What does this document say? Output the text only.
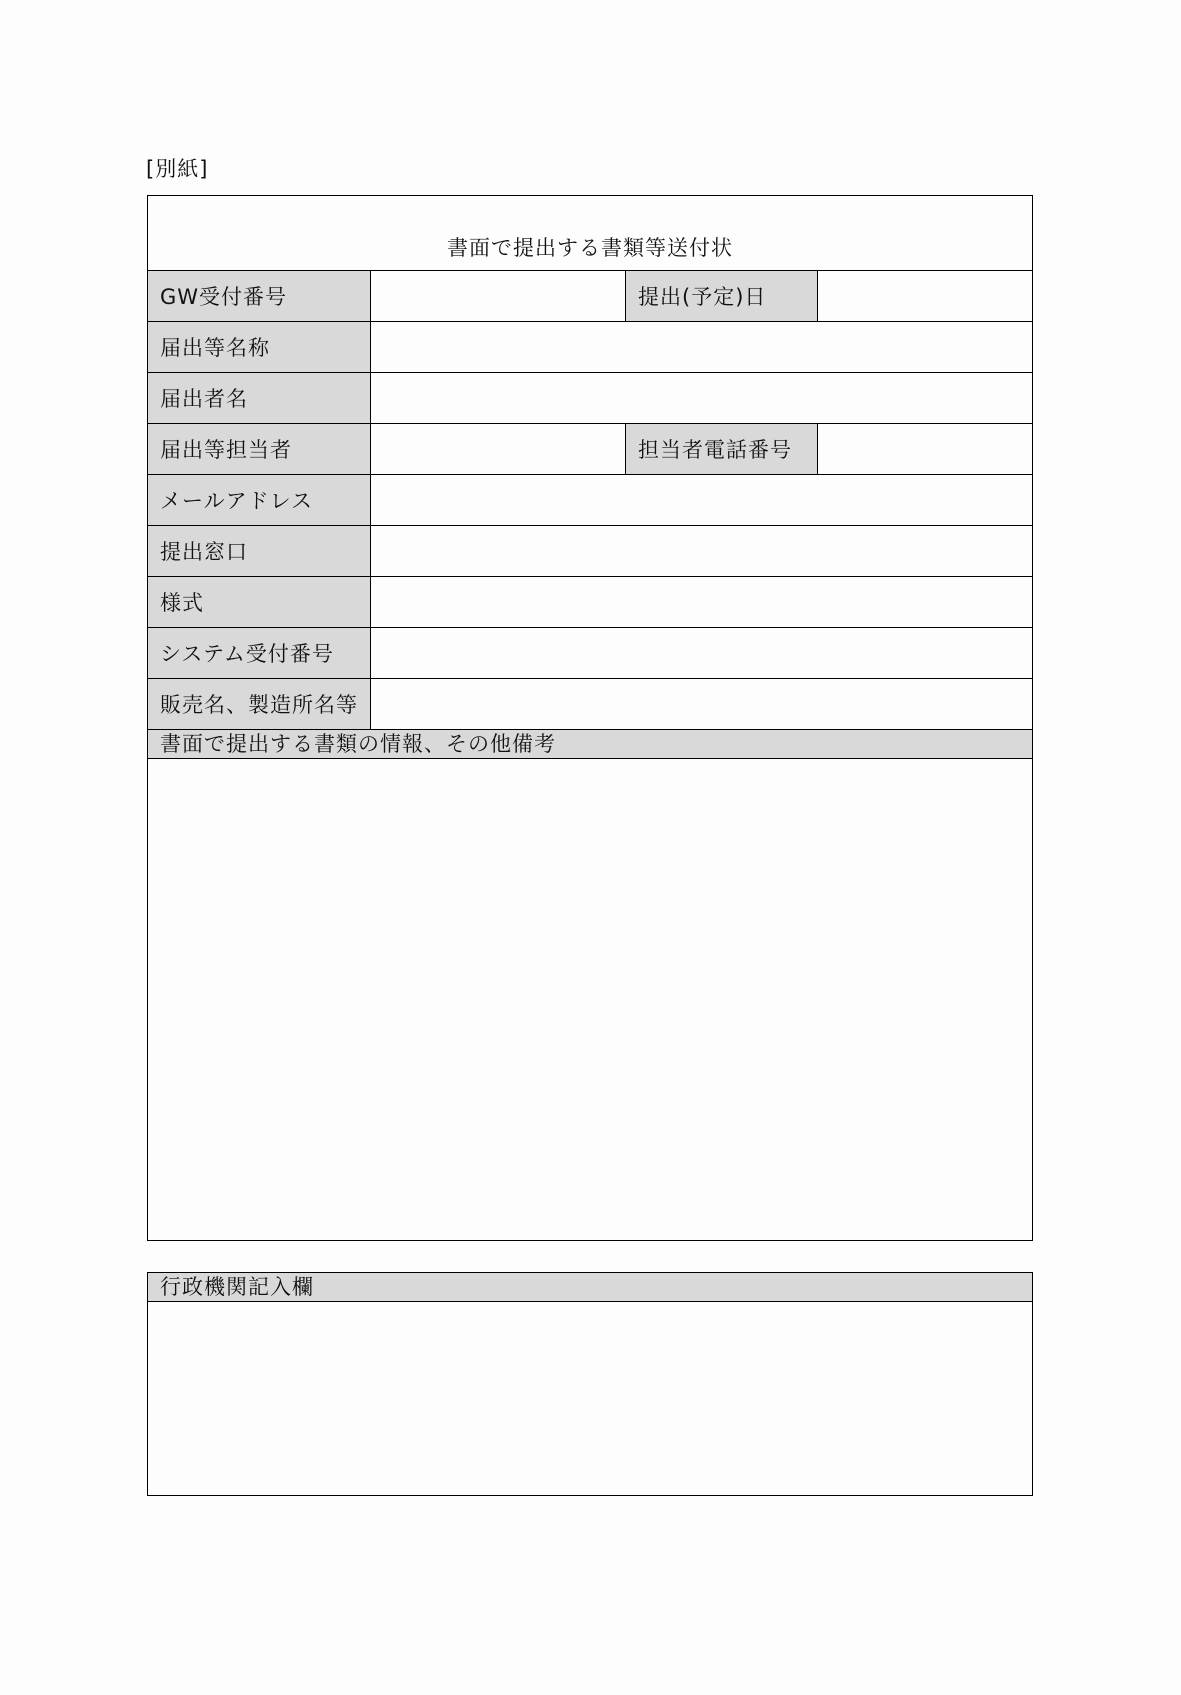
[別紙]
書面で提出する書類等送付状
GW受付番号	提出(予定)日
届出等名称
届出者名
届出等担当者	担当者電話番号
メールアドレス
提出窓口
様式
システム受付番号
販売名、製造所名等
書面で提出する書類の情報、その他備考
行政機関記入欄
